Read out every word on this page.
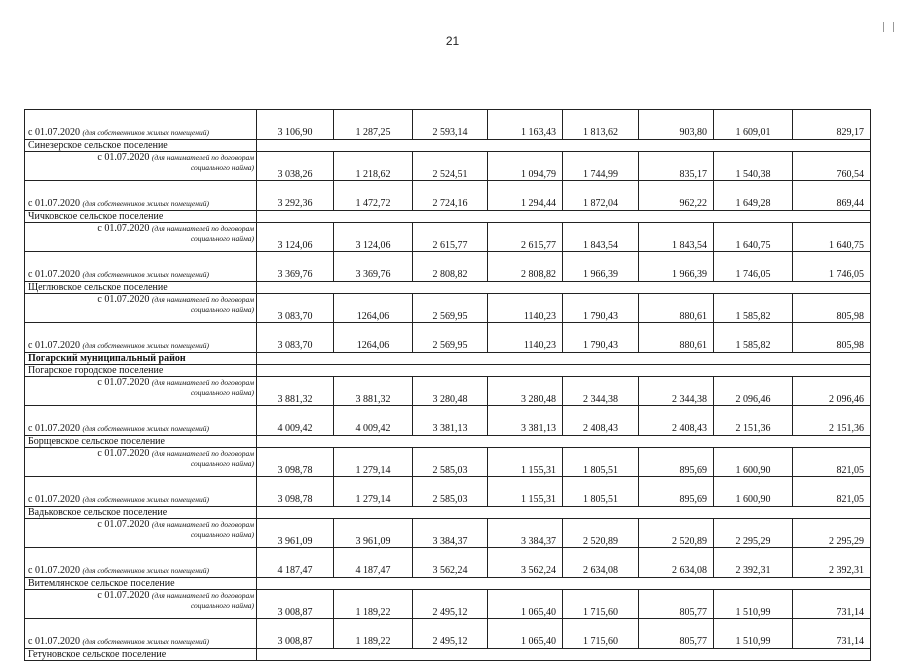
21
с 01.07.2020 (для собственников жилых помещений)	3 106,90	1 287,25	2 593,14	1 163,43	1 813,62	903,80	1 609,01	829,17
Синезерское сельское поселение								

с 01.07.2020 (для нанимателей по договорам
социального найма)	3 038,26	1 218,62	2 524,51	1 094,79	1 744,99	835,17	1 540,38	760,54
с 01.07.2020 (для собственников жилых помещений)	3 292,36	1 472,72	2 724,16	1 294,44	1 872,04	962,22	1 649,28	869,44
Чичковское сельское поселение								

с 01.07.2020 (для нанимателей по договорам
социального найма)	3 124,06	3 124,06	2 615,77	2 615,77	1 843,54	1 843,54	1 640,75	1 640,75
с 01.07.2020 (для собственников жилых помещений)	3 369,76	3 369,76	2 808,82	2 808,82	1 966,39	1 966,39	1 746,05	1 746,05
Щеглювское сельское поселение								

с 01.07.2020 (для нанимателей по договорам
социального найма)	3 083,70	1264,06	2 569,95	1140,23	1 790,43	880,61	1 585,82	805,98
с 01.07.2020 (для собственников жилых помещений)	3 083,70	1264,06	2 569,95	1140,23	1 790,43	880,61	1 585,82	805,98
Погарский муниципальный район								
Погарское городское поселение								

с 01.07.2020 (для нанимателей по договорам
социального найма)	3 881,32	3 881,32	3 280,48	3 280,48	2 344,38	2 344,38	2 096,46	2 096,46
с 01.07.2020 (для собственников жилых помещений)	4 009,42	4 009,42	3 381,13	3 381,13	2 408,43	2 408,43	2 151,36	2 151,36
Борщевское сельское поселение								

с 01.07.2020 (для нанимателей по договорам
социального найма)	3 098,78	1 279,14	2 585,03	1 155,31	1 805,51	895,69	1 600,90	821,05
с 01.07.2020 (для собственников жилых помещений)	3 098,78	1 279,14	2 585,03	1 155,31	1 805,51	895,69	1 600,90	821,05
Вадьковское сельское поселение								

с 01.07.2020 (для нанимателей по договорам
социального найма)	3 961,09	3 961,09	3 384,37	3 384,37	2 520,89	2 520,89	2 295,29	2 295,29
с 01.07.2020 (для собственников жилых помещений)	4 187,47	4 187,47	3 562,24	3 562,24	2 634,08	2 634,08	2 392,31	2 392,31
Витемлянское сельское поселение								

с 01.07.2020 (для нанимателей по договорам
социального найма)	3 008,87	1 189,22	2 495,12	1 065,40	1 715,60	805,77	1 510,99	731,14
с 01.07.2020 (для собственников жилых помещений)	3 008,87	1 189,22	2 495,12	1 065,40	1 715,60	805,77	1 510,99	731,14
Гетуновское сельское поселение								
